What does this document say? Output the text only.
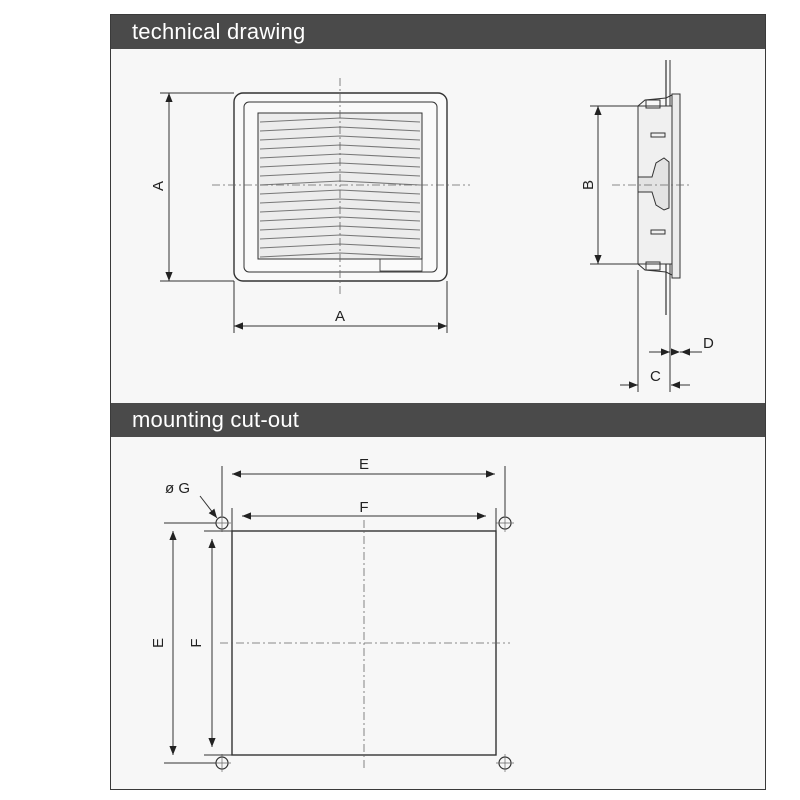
technical drawing
mounting cut-out
A
A
B
D
C
E
F
E F
ø G
